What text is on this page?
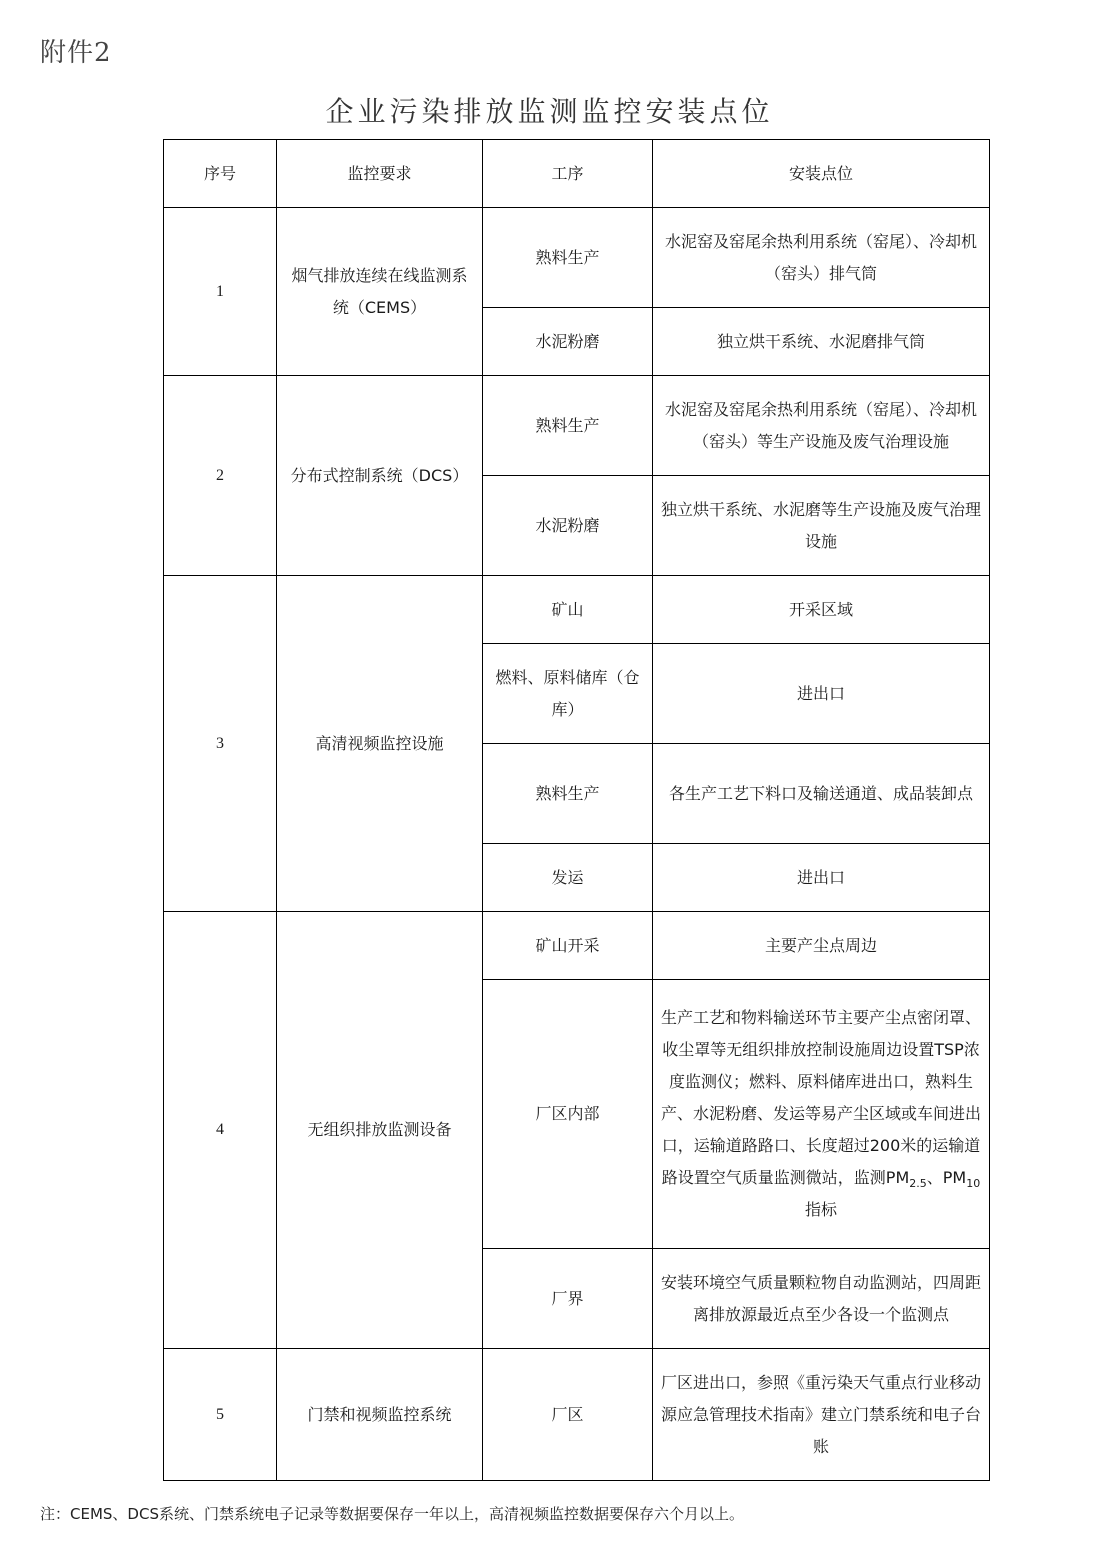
附件2
企业污染排放监测监控安装点位
序号	监控要求	工序	安装点位
1	烟气排放连续在线监测系统（CEMS）	熟料生产	水泥窑及窑尾余热利用系统（窑尾）、冷却机（窑头）排气筒
		水泥粉磨	独立烘干系统、水泥磨排气筒
2	分布式控制系统（DCS）	熟料生产	水泥窑及窑尾余热利用系统（窑尾）、冷却机（窑头）等生产设施及废气治理设施
		水泥粉磨	独立烘干系统、水泥磨等生产设施及废气治理设施
3	高清视频监控设施	矿山	开采区域
		燃料、原料储库（仓库）	进出口
		熟料生产	各生产工艺下料口及输送通道、成品装卸点
		发运	进出口
4	无组织排放监测设备	矿山开采	主要产尘点周边
		厂区内部	生产工艺和物料输送环节主要产尘点密闭罩、收尘罩等无组织排放控制设施周边设置TSP浓度监测仪；燃料、原料储库进出口，熟料生产、水泥粉磨、发运等易产尘区域或车间进出口，运输道路路口、长度超过200米的运输道路设置空气质量监测微站，监测$PM_{2.5}$、$PM_{10}$指标
		厂界	安装环境空气质量颗粒物自动监测站，四周距离排放源最近点至少各设一个监测点
5	门禁和视频监控系统	厂区	厂区进出口，参照《重污染天气重点行业移动源应急管理技术指南》建立门禁系统和电子台账
注：CEMS、DCS系统、门禁系统电子记录等数据要保存一年以上，高清视频监控数据要保存六个月以上。
